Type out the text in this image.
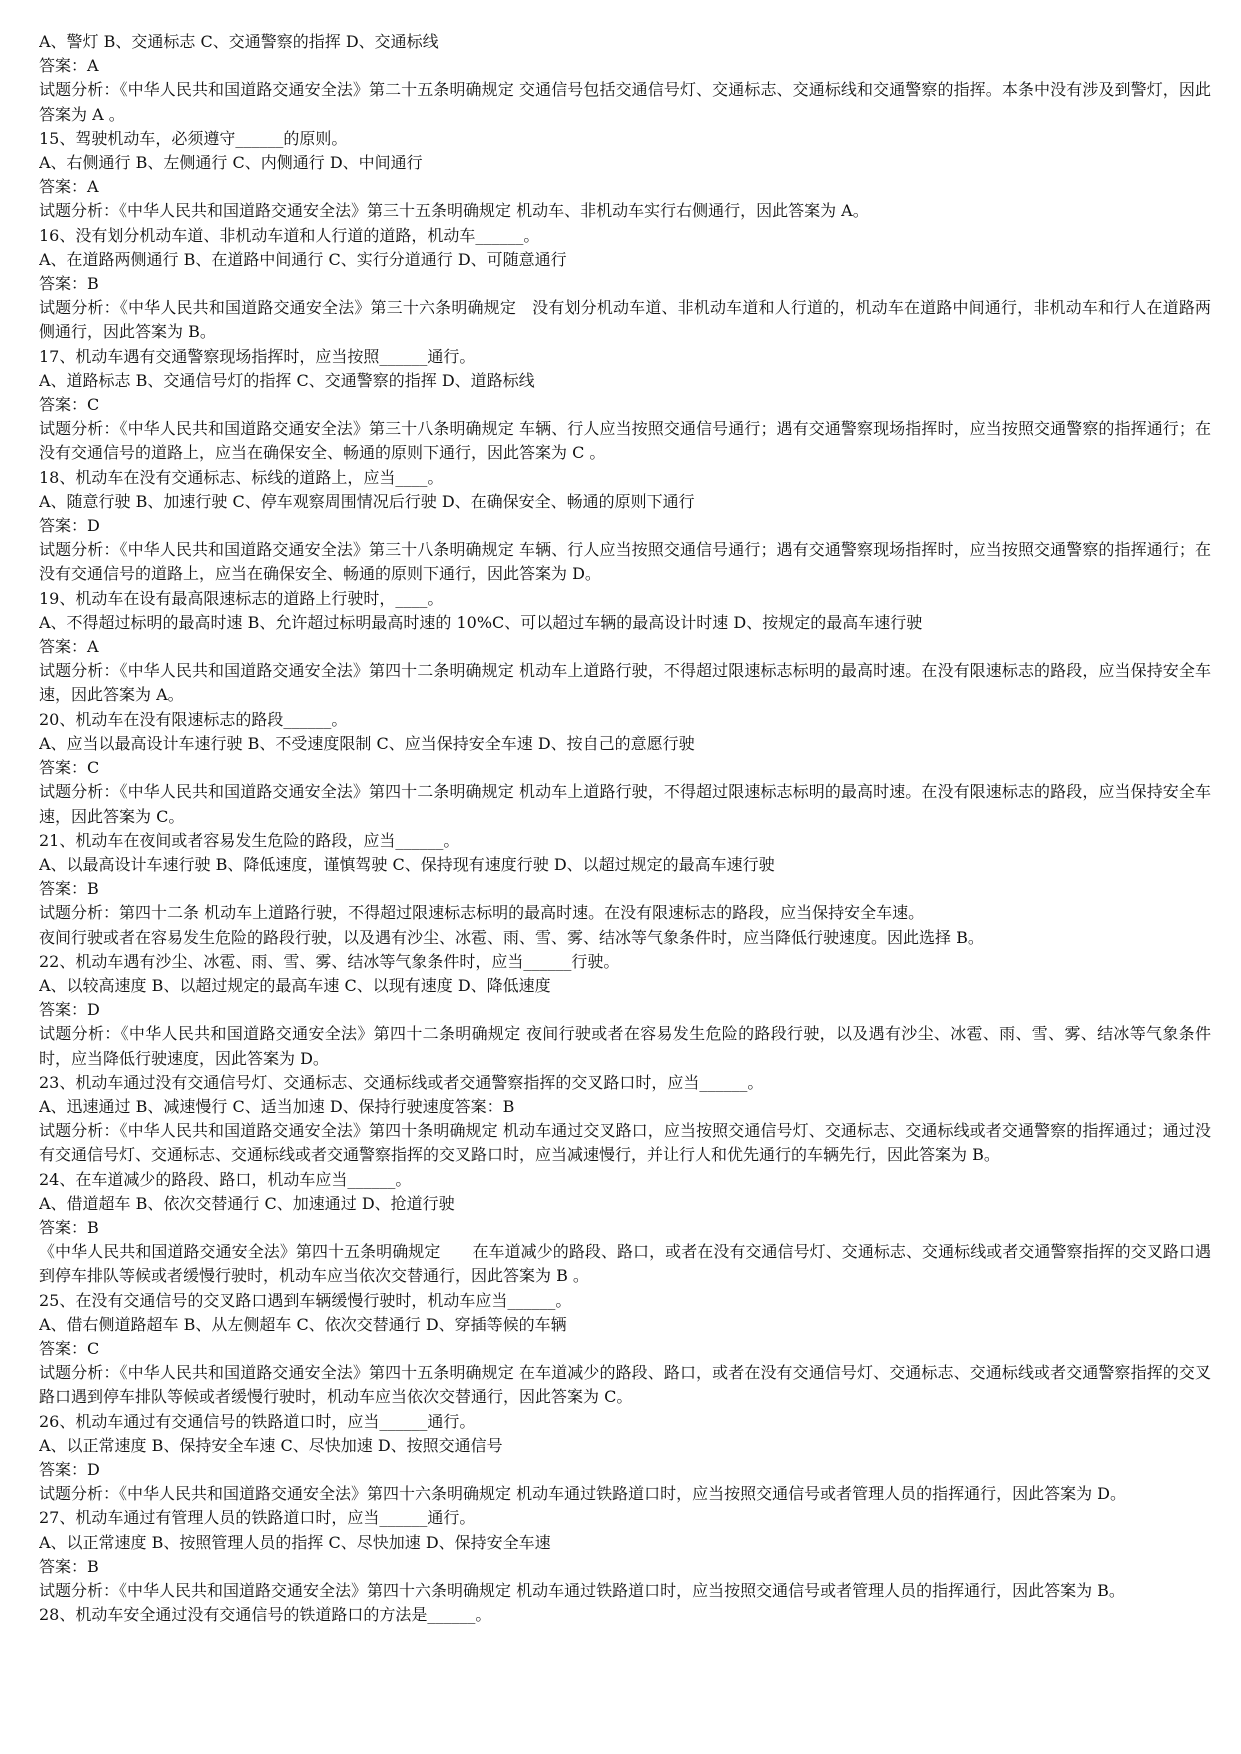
A、警灯 B、交通标志 C、交通警察的指挥 D、交通标线
答案：A
试题分析：《中华人民共和国道路交通安全法》第二十五条明确规定 交通信号包括交通信号灯、交通标志、交通标线和交通警察的指挥。本条中没有涉及到警灯，因此答案为 A 。
15、驾驶机动车，必须遵守______的原则。
A、右侧通行 B、左侧通行 C、内侧通行 D、中间通行
答案：A
试题分析：《中华人民共和国道路交通安全法》第三十五条明确规定 机动车、非机动车实行右侧通行，因此答案为 A。
16、没有划分机动车道、非机动车道和人行道的道路，机动车______。
A、在道路两侧通行 B、在道路中间通行 C、实行分道通行 D、可随意通行
答案：B
试题分析：《中华人民共和国道路交通安全法》第三十六条明确规定　没有划分机动车道、非机动车道和人行道的，机动车在道路中间通行，非机动车和行人在道路两侧通行，因此答案为 B。
17、机动车遇有交通警察现场指挥时，应当按照______通行。
A、道路标志 B、交通信号灯的指挥 C、交通警察的指挥 D、道路标线
答案：C
试题分析：《中华人民共和国道路交通安全法》第三十八条明确规定 车辆、行人应当按照交通信号通行；遇有交通警察现场指挥时，应当按照交通警察的指挥通行；在没有交通信号的道路上，应当在确保安全、畅通的原则下通行，因此答案为 C 。
18、机动车在没有交通标志、标线的道路上，应当____。
A、随意行驶 B、加速行驶 C、停车观察周围情况后行驶 D、在确保安全、畅通的原则下通行
答案：D
试题分析：《中华人民共和国道路交通安全法》第三十八条明确规定 车辆、行人应当按照交通信号通行；遇有交通警察现场指挥时，应当按照交通警察的指挥通行；在没有交通信号的道路上，应当在确保安全、畅通的原则下通行，因此答案为 D。
19、机动车在设有最高限速标志的道路上行驶时，____。
A、不得超过标明的最高时速 B、允许超过标明最高时速的 10%C、可以超过车辆的最高设计时速 D、按规定的最高车速行驶
答案：A
试题分析：《中华人民共和国道路交通安全法》第四十二条明确规定 机动车上道路行驶，不得超过限速标志标明的最高时速。在没有限速标志的路段，应当保持安全车速，因此答案为 A。
20、机动车在没有限速标志的路段______。
A、应当以最高设计车速行驶 B、不受速度限制 C、应当保持安全车速 D、按自己的意愿行驶
答案：C
试题分析：《中华人民共和国道路交通安全法》第四十二条明确规定 机动车上道路行驶，不得超过限速标志标明的最高时速。在没有限速标志的路段，应当保持安全车速，因此答案为 C。
21、机动车在夜间或者容易发生危险的路段，应当______。
A、以最高设计车速行驶 B、降低速度，谨慎驾驶 C、保持现有速度行驶 D、以超过规定的最高车速行驶
答案：B
试题分析：第四十二条 机动车上道路行驶，不得超过限速标志标明的最高时速。在没有限速标志的路段，应当保持安全车速。
夜间行驶或者在容易发生危险的路段行驶，以及遇有沙尘、冰雹、雨、雪、雾、结冰等气象条件时，应当降低行驶速度。因此选择 B。
22、机动车遇有沙尘、冰雹、雨、雪、雾、结冰等气象条件时，应当______行驶。
A、以较高速度 B、以超过规定的最高车速 C、以现有速度 D、降低速度
答案：D
试题分析：《中华人民共和国道路交通安全法》第四十二条明确规定 夜间行驶或者在容易发生危险的路段行驶，以及遇有沙尘、冰雹、雨、雪、雾、结冰等气象条件时，应当降低行驶速度，因此答案为 D。
23、机动车通过没有交通信号灯、交通标志、交通标线或者交通警察指挥的交叉路口时，应当______。
A、迅速通过 B、减速慢行 C、适当加速 D、保持行驶速度答案：B
试题分析：《中华人民共和国道路交通安全法》第四十条明确规定 机动车通过交叉路口，应当按照交通信号灯、交通标志、交通标线或者交通警察的指挥通过；通过没有交通信号灯、交通标志、交通标线或者交通警察指挥的交叉路口时，应当减速慢行，并让行人和优先通行的车辆先行，因此答案为 B。
24、在车道减少的路段、路口，机动车应当______。
A、借道超车 B、依次交替通行 C、加速通过 D、抢道行驶
答案：B
《中华人民共和国道路交通安全法》第四十五条明确规定　　在车道减少的路段、路口，或者在没有交通信号灯、交通标志、交通标线或者交通警察指挥的交叉路口遇到停车排队等候或者缓慢行驶时，机动车应当依次交替通行，因此答案为 B 。
25、在没有交通信号的交叉路口遇到车辆缓慢行驶时，机动车应当______。
A、借右侧道路超车 B、从左侧超车 C、依次交替通行 D、穿插等候的车辆
答案：C
试题分析：《中华人民共和国道路交通安全法》第四十五条明确规定 在车道减少的路段、路口，或者在没有交通信号灯、交通标志、交通标线或者交通警察指挥的交叉路口遇到停车排队等候或者缓慢行驶时，机动车应当依次交替通行，因此答案为 C。
26、机动车通过有交通信号的铁路道口时，应当______通行。
A、以正常速度 B、保持安全车速 C、尽快加速 D、按照交通信号
答案：D
试题分析：《中华人民共和国道路交通安全法》第四十六条明确规定 机动车通过铁路道口时，应当按照交通信号或者管理人员的指挥通行，因此答案为 D。
27、机动车通过有管理人员的铁路道口时，应当______通行。
A、以正常速度 B、按照管理人员的指挥 C、尽快加速 D、保持安全车速
答案：B
试题分析：《中华人民共和国道路交通安全法》第四十六条明确规定 机动车通过铁路道口时，应当按照交通信号或者管理人员的指挥通行，因此答案为 B。
28、机动车安全通过没有交通信号的铁道路口的方法是______。
